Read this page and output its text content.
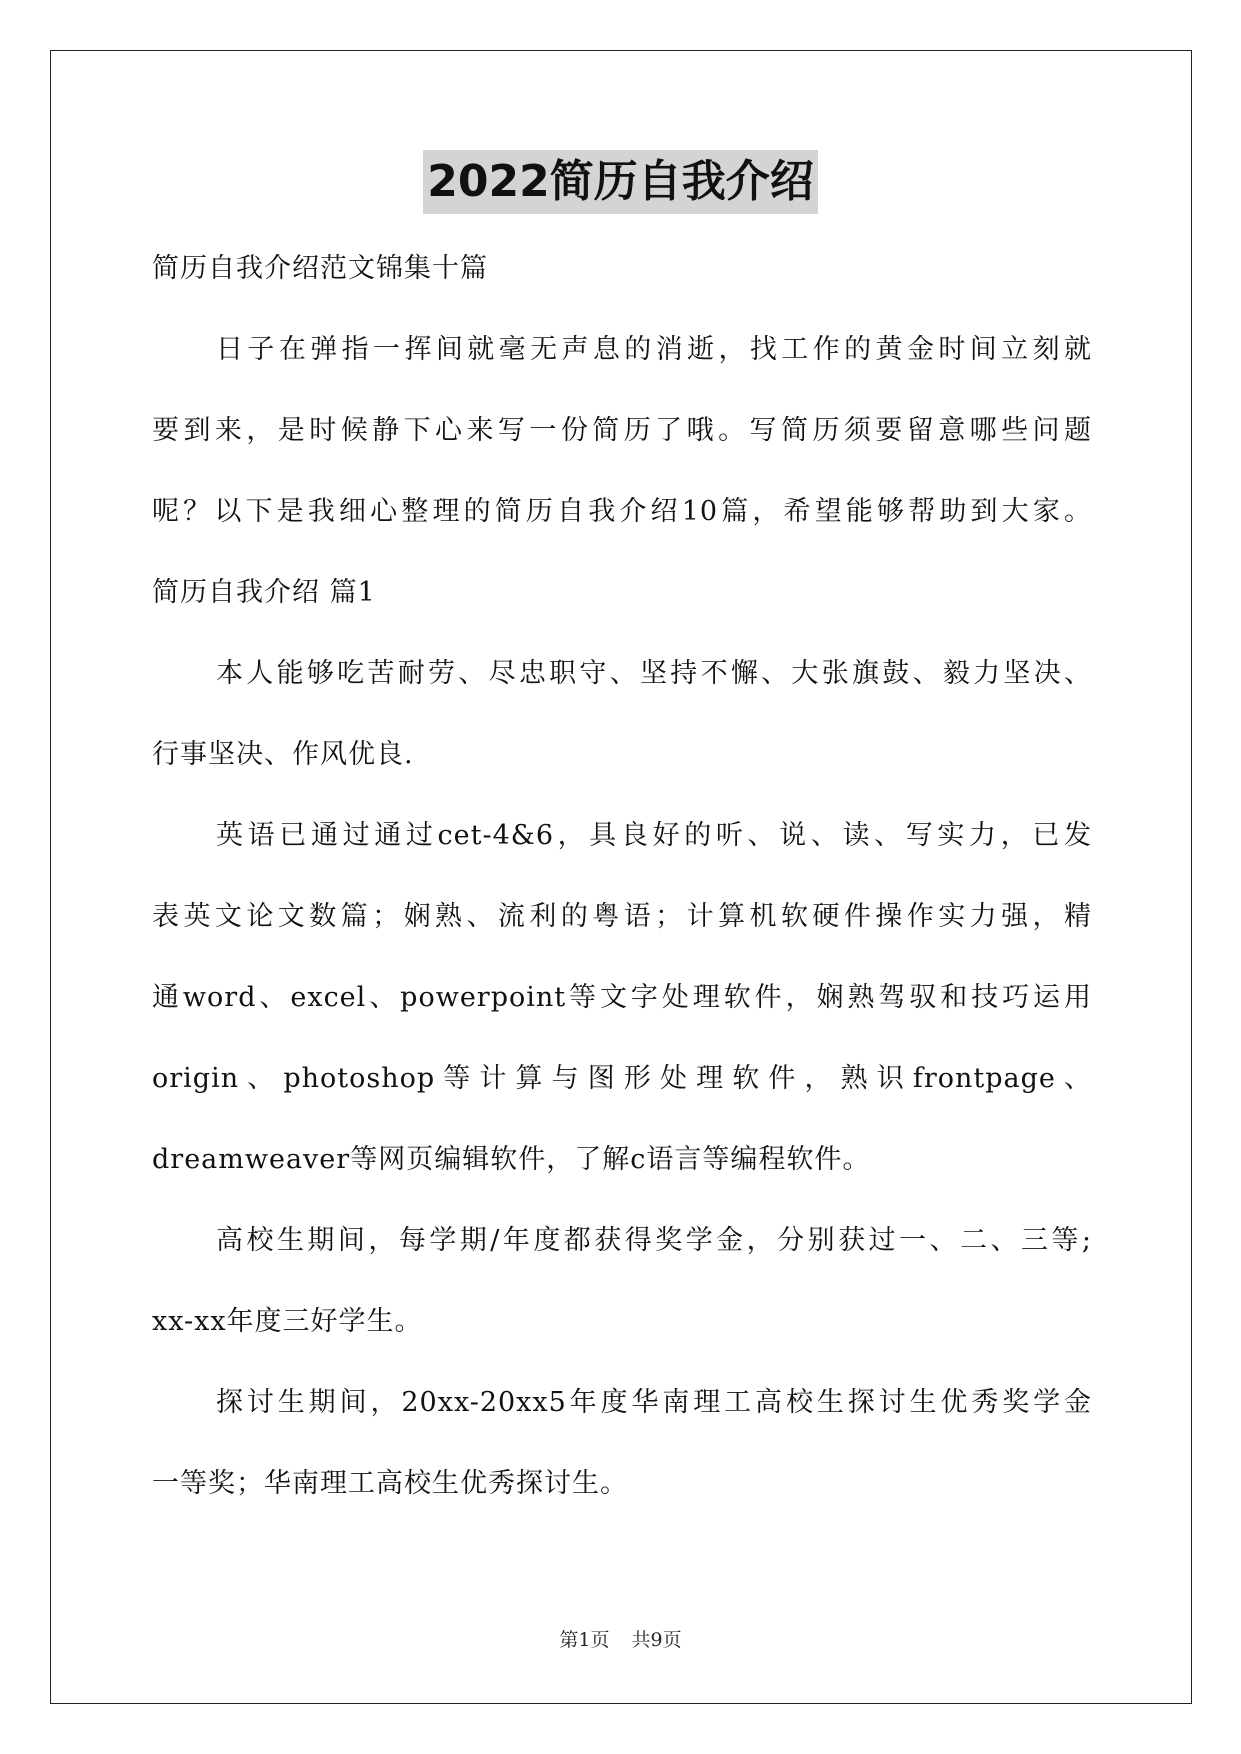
2022简历自我介绍
简历自我介绍范文锦集十篇
日子在弹指一挥间就毫无声息的消逝，找工作的黄金时间立刻就
要到来，是时候静下心来写一份简历了哦。写简历须要留意哪些问题
呢？以下是我细心整理的简历自我介绍10篇，希望能够帮助到大家。
简历自我介绍 篇1
本人能够吃苦耐劳、尽忠职守、坚持不懈、大张旗鼓、毅力坚决、
行事坚决、作风优良.
英语已通过通过cet-4&6，具良好的听、说、读、写实力，已发
表英文论文数篇；娴熟、流利的粤语；计算机软硬件操作实力强，精
通word、excel、powerpoint等文字处理软件，娴熟驾驭和技巧运用
origin、photoshop等计算与图形处理软件，熟识frontpage、
dreamweaver等网页编辑软件，了解c语言等编程软件。
高校生期间，每学期/年度都获得奖学金，分别获过一、二、三等;
xx-xx年度三好学生。
探讨生期间，20xx-20xx5年度华南理工高校生探讨生优秀奖学金
一等奖；华南理工高校生优秀探讨生。
第1页 共9页
